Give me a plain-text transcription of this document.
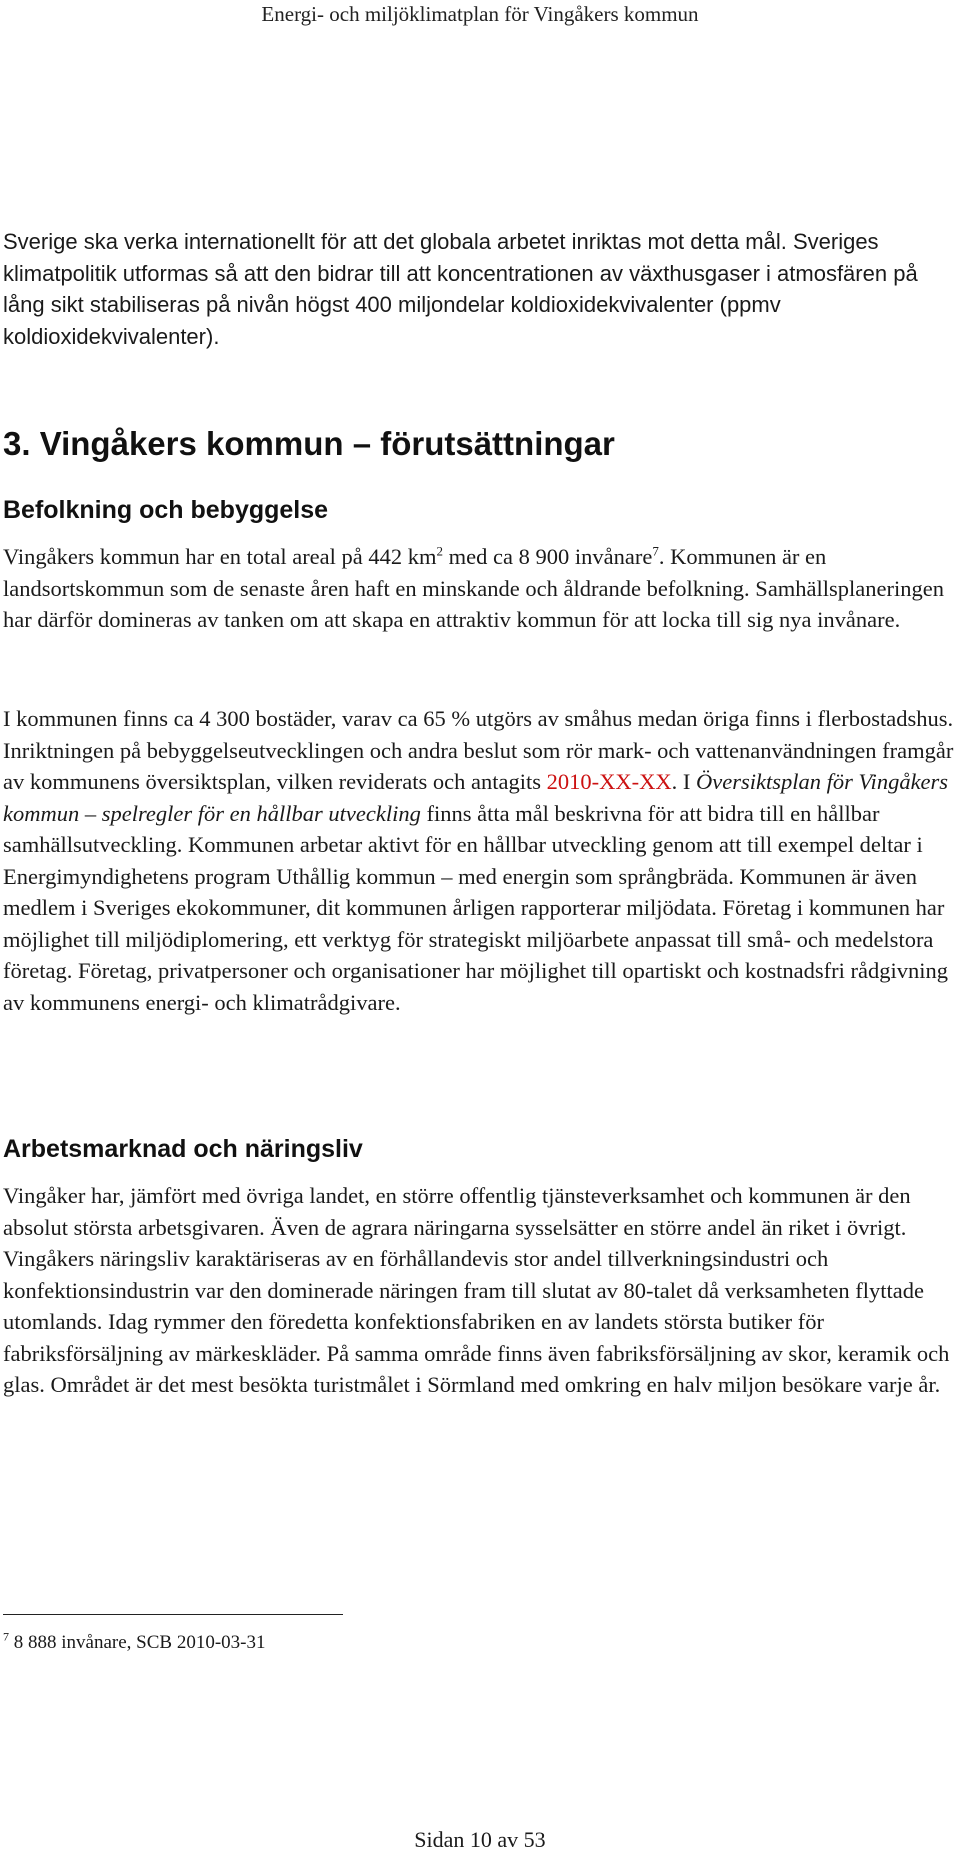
Energi- och miljöklimatplan för Vingåkers kommun
Sverige ska verka internationellt för att det globala arbetet inriktas mot detta mål. Sveriges klimatpolitik utformas så att den bidrar till att koncentrationen av växthusgaser i atmosfären på lång sikt stabiliseras på nivån högst 400 miljondelar koldioxidekvivalenter (ppmv koldioxidekvivalenter).
3. Vingåkers kommun – förutsättningar
Befolkning och bebyggelse
Vingåkers kommun har en total areal på 442 $km^2$ med ca 8 900 invånare$^7$. Kommunen är en landsortskommun som de senaste åren haft en minskande och åldrande befolkning. Samhällsplaneringen har därför domineras av tanken om att skapa en attraktiv kommun för att locka till sig nya invånare.
I kommunen finns ca 4 300 bostäder, varav ca 65 % utgörs av småhus medan öriga finns i flerbostadshus. Inriktningen på bebyggelseutvecklingen och andra beslut som rör mark- och vattenanvändningen framgår av kommunens översiktsplan, vilken reviderats och antagits 2010-XX-XX. I Översiktsplan för Vingåkers kommun – spelregler för en hållbar utveckling finns åtta mål beskrivna för att bidra till en hållbar samhällsutveckling. Kommunen arbetar aktivt för en hållbar utveckling genom att till exempel deltar i Energimyndighetens program Uthållig kommun – med energin som språngbräda. Kommunen är även medlem i Sveriges ekokommuner, dit kommunen årligen rapporterar miljödata. Företag i kommunen har möjlighet till miljödiplomering, ett verktyg för strategiskt miljöarbete anpassat till små- och medelstora företag. Företag, privatpersoner och organisationer har möjlighet till opartiskt och kostnadsfri rådgivning av kommunens energi- och klimatrådgivare.
Arbetsmarknad och näringsliv
Vingåker har, jämfört med övriga landet, en större offentlig tjänsteverksamhet och kommunen är den absolut största arbetsgivaren. Även de agrara näringarna sysselsätter en större andel än riket i övrigt. Vingåkers näringsliv karaktäriseras av en förhållandevis stor andel tillverkningsindustri och konfektionsindustrin var den dominerade näringen fram till slutat av 80-talet då verksamheten flyttade utomlands. Idag rymmer den föredetta konfektionsfabriken en av landets största butiker för fabriksförsäljning av märkeskläder. På samma område finns även fabriksförsäljning av skor, keramik och glas. Området är det mest besökta turistmålet i Sörmland med omkring en halv miljon besökare varje år.
$^7$ 8 888 invånare, SCB 2010-03-31
Sidan 10 av 53
